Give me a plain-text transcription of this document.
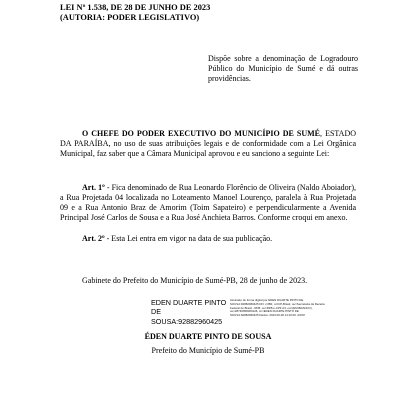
LEI Nº 1.538, DE 28 DE JUNHO DE 2023
(AUTORIA: PODER LEGISLATIVO)
Dispõe sobre a denominação de Logradouro Público do Município de Sumé e dá outras providências.
O CHEFE DO PODER EXECUTIVO DO MUNICÍPIO DE SUMÉ, ESTADO DA PARAÍBA, no uso de suas atribuições legais e de conformidade com a Lei Orgânica Municipal, faz saber que a Câmara Municipal aprovou e eu sanciono a seguinte Lei:
Art. 1º - Fica denominado de Rua Leonardo Florêncio de Oliveira (Naldo Aboiador), a Rua Projetada 04 localizada no Loteamento Manoel Lourenço, paralela à Rua Projetada 09 e a Rua Antonio Braz de Amorim (Toim Sapateiro) e perpendicularmente a Avenida Principal José Carlos de Sousa e a Rua José Anchieta Barros. Conforme croqui em anexo.
Art. 2º - Esta Lei entra em vigor na data de sua publicação.
Gabinete do Prefeito do Município de Sumé-PB, 28 de junho de 2023.
EDEN DUARTE PINTO DE SOUSA:92882960425
Assinado de forma digital por EDEN DUARTE PINTO DE SOUSA:92882960425 DN: c=BR, o=ICP-Brasil, ou=Secretaria da Receita Federal do Brasil - RFB, ou=RFB e-CPF A3, ou=(EM BRANCO), ou=28746658000126, cn=EDEN DUARTE PINTO DE SOUSA:92882960425 Dados: 2023.06.28 14:10:00 -03'00'
ÉDEN DUARTE PINTO DE SOUSA
Prefeito do Município de Sumé-PB
